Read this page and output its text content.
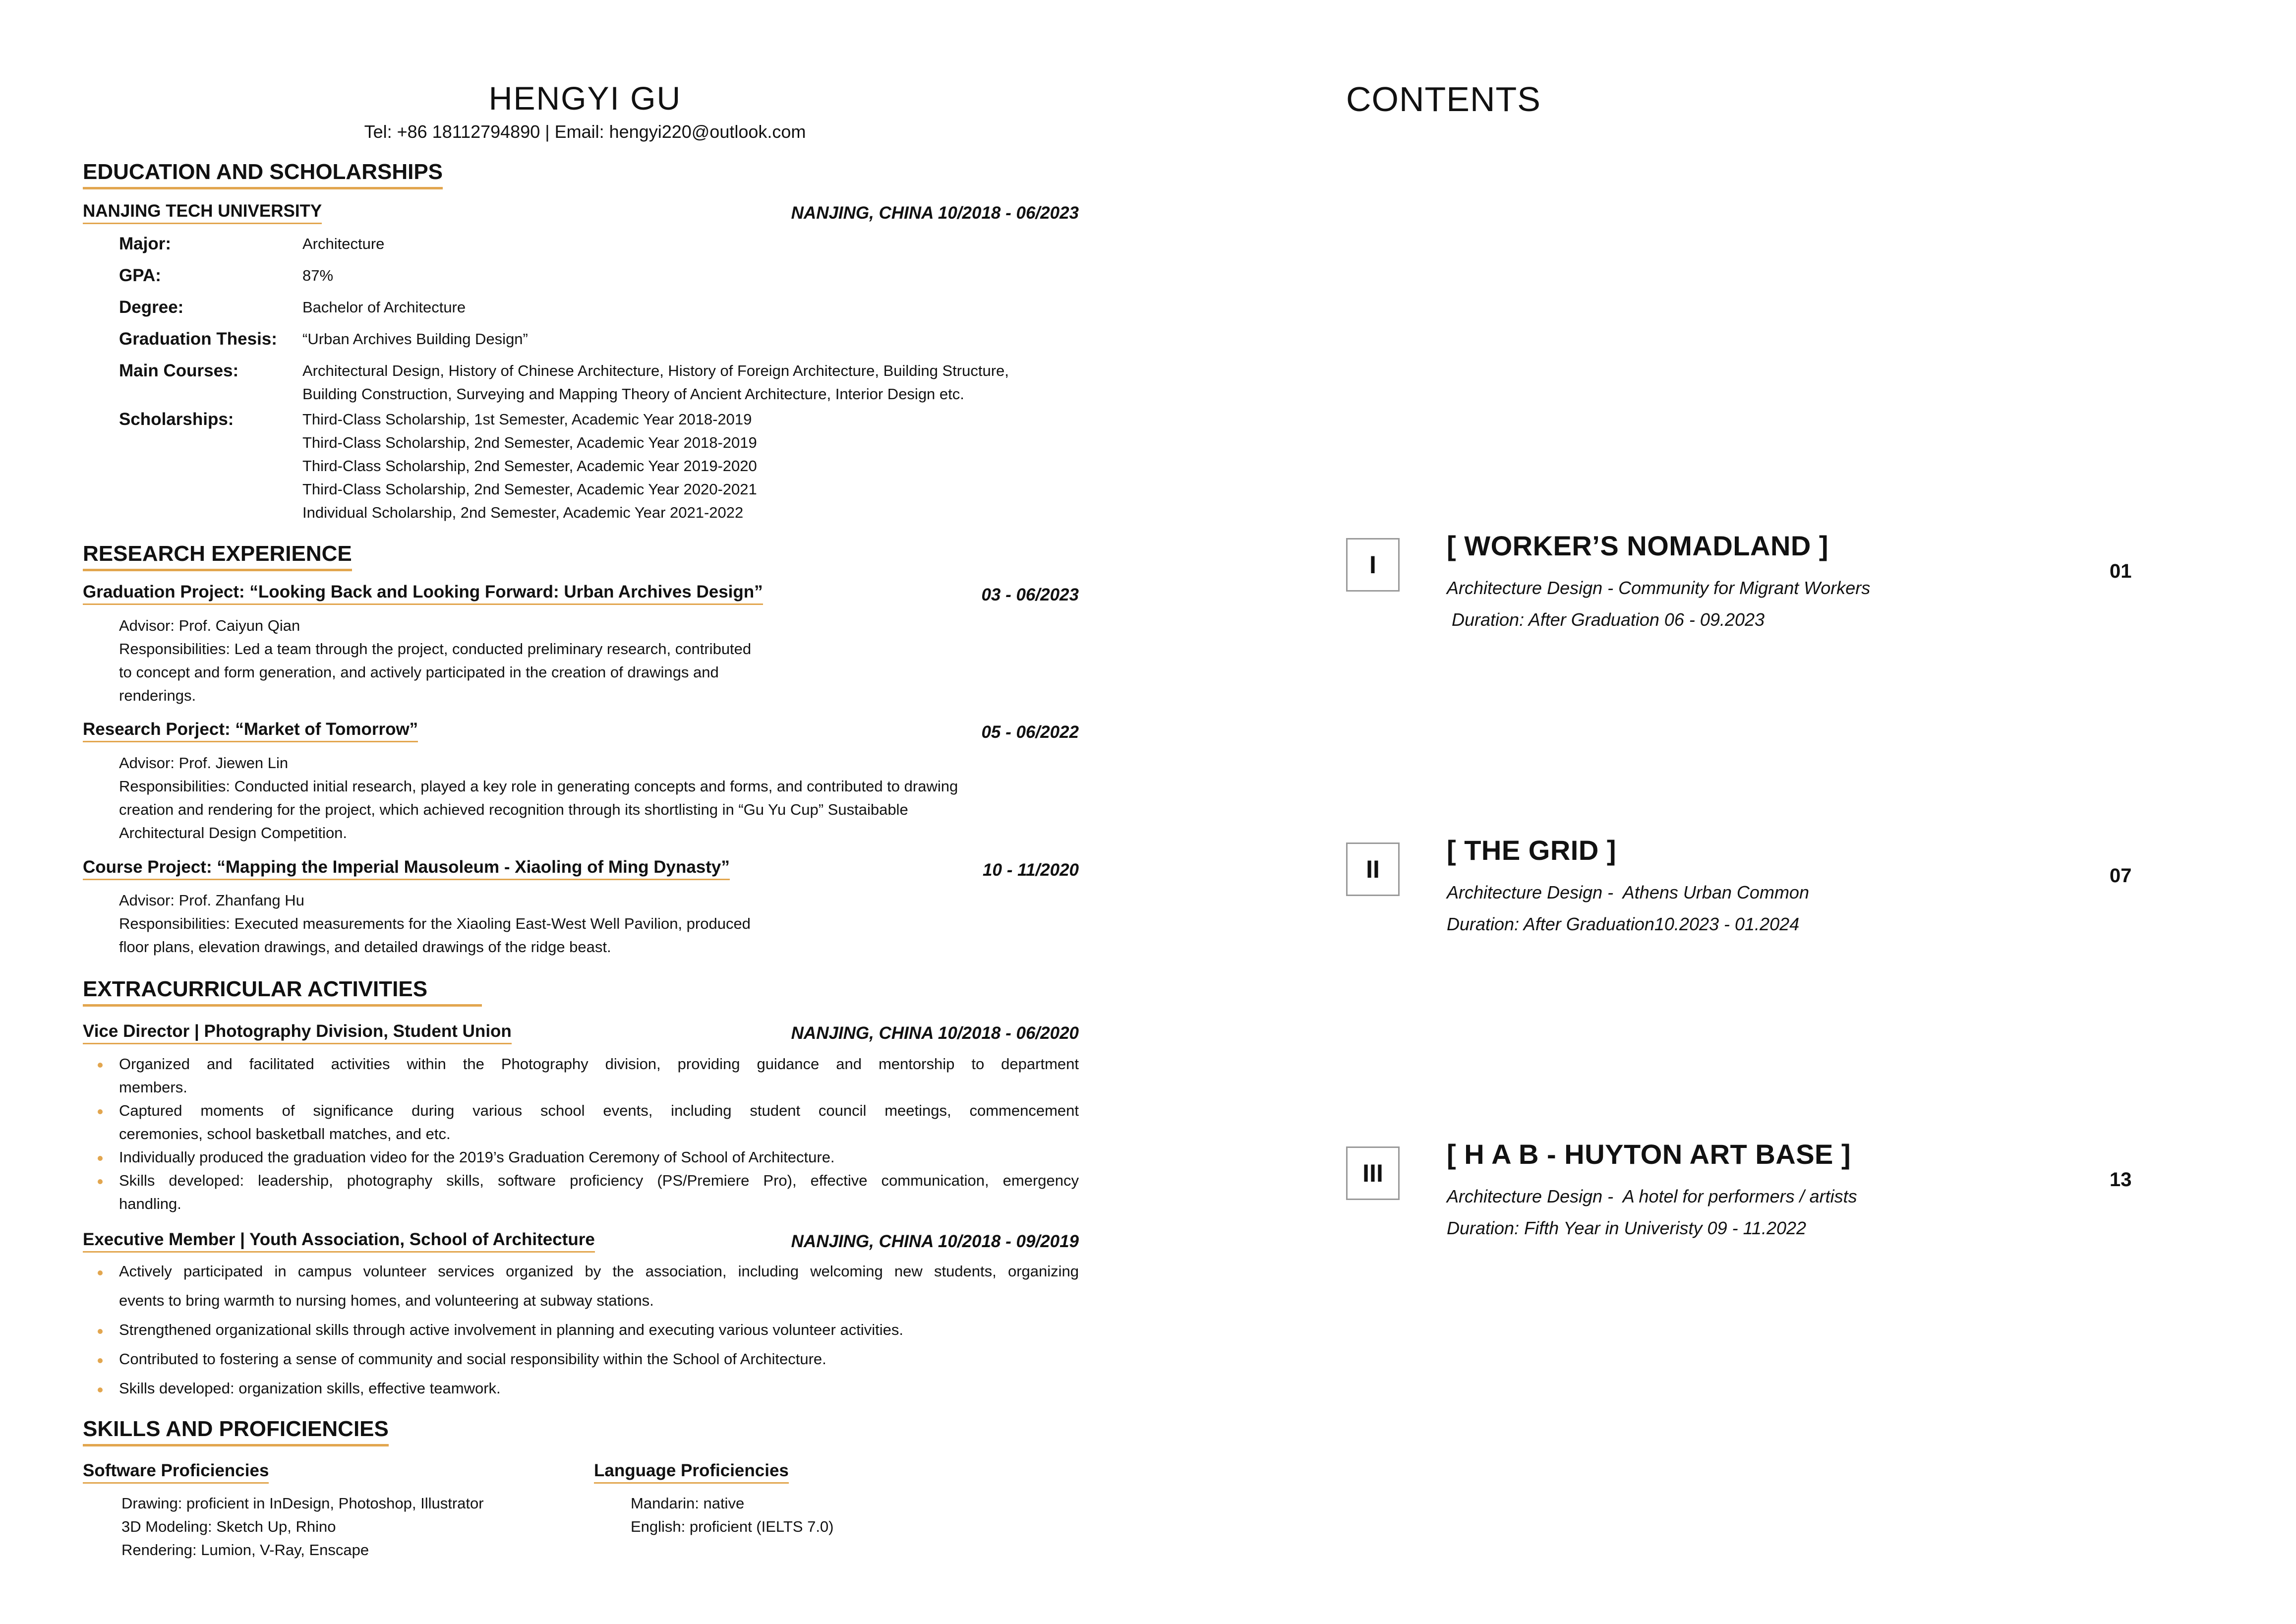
HENGYI GU
Tel: +86 18112794890 | Email: hengyi220@outlook.com
EDUCATION AND SCHOLARSHIPS
NANJING TECH UNIVERSITY	NANJING, CHINA 10/2018 - 06/2023
Major:	Architecture
GPA:	87%
Degree:	Bachelor of Architecture
Graduation Thesis: “Urban Archives Building Design”
Main Courses:	Architectural Design, History of Chinese Architecture, History of Foreign Architecture, Building Structure,
Building Construction, Surveying and Mapping Theory of Ancient Architecture, Interior Design etc.
Scholarships:	Third-Class Scholarship, 1st Semester, Academic Year 2018-2019
Third-Class Scholarship, 2nd Semester, Academic Year 2018-2019
Third-Class Scholarship, 2nd Semester, Academic Year 2019-2020
Third-Class Scholarship, 2nd Semester, Academic Year 2020-2021
Individual Scholarship, 2nd Semester, Academic Year 2021-2022
RESEARCH EXPERIENCE
Graduation Project: “Looking Back and Looking Forward: Urban Archives Design”	03 - 06/2023
Advisor: Prof. Caiyun Qian
Responsibilities: Led a team through the project, conducted preliminary research, contributed
to concept and form generation, and actively participated in the creation of drawings and
renderings.
Research Porject: “Market of Tomorrow”	05 - 06/2022
Advisor: Prof. Jiewen Lin
Responsibilities: Conducted initial research, played a key role in generating concepts and forms, and contributed to drawing
creation and rendering for the project, which achieved recognition through its shortlisting in “Gu Yu Cup” Sustaibable
Architectural Design Competition.
Course Project: “Mapping the Imperial Mausoleum - Xiaoling of Ming Dynasty”	10 - 11/2020
Advisor: Prof. Zhanfang Hu
Responsibilities: Executed measurements for the Xiaoling East-West Well Pavilion, produced
floor plans, elevation drawings, and detailed drawings of the ridge beast.
EXTRACURRICULAR ACTIVITIES
Vice Director | Photography Division, Student Union	NANJING, CHINA 10/2018 - 06/2020
Organized and facilitated activities within the Photography division, providing guidance and mentorship to department
members.
Captured moments of significance during various school events, including student council meetings, commencement
ceremonies, school basketball matches, and etc.
Individually produced the graduation video for the 2019’s Graduation Ceremony of School of Architecture.
Skills developed: leadership, photography skills, software proficiency (PS/Premiere Pro), effective communication, emergency
handling.
Executive Member | Youth Association, School of Architecture	NANJING, CHINA 10/2018 - 09/2019
Actively participated in campus volunteer services organized by the association, including welcoming new students, organizing
events to bring warmth to nursing homes, and volunteering at subway stations.
Strengthened organizational skills through active involvement in planning and executing various volunteer activities.
Contributed to fostering a sense of community and social responsibility within the School of Architecture.
Skills developed: organization skills, effective teamwork.
SKILLS AND PROFICIENCIES
Software Proficiencies
Drawing: proficient in InDesign, Photoshop, Illustrator
3D Modeling: Sketch Up, Rhino
Rendering: Lumion, V-Ray, Enscape
Language Proficiencies
Mandarin: native
English: proficient (IELTS 7.0)
CONTENTS
I
[ WORKER’S NOMADLAND ]
Architecture Design - Community for Migrant Workers
Duration: After Graduation 06 - 09.2023
01
II
[ THE GRID ]
Architecture Design -  Athens Urban Common
Duration: After Graduation10.2023 - 01.2024
07
III
[ H A B - HUYTON ART BASE ]
Architecture Design -  A hotel for performers / artists
Duration: Fifth Year in Univeristy 09 - 11.2022
13
